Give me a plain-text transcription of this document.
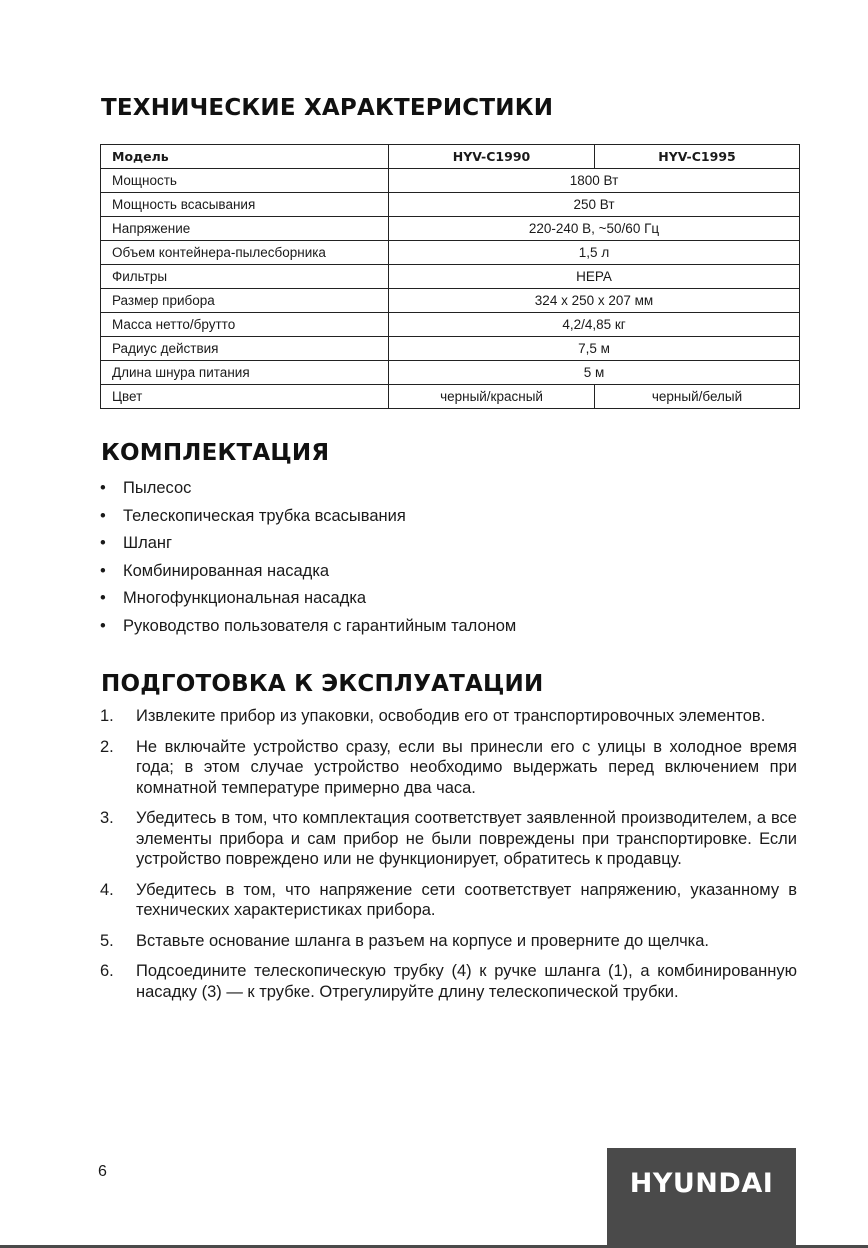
ТЕХНИЧЕСКИЕ ХАРАКТЕРИСТИКИ
Модель	HYV-C1990	HYV-C1995
Мощность	1800 Вт	
Мощность всасывания	250 Вт	
Напряжение	220-240 В, ~50/60 Гц	
Объем контейнера-пылесборника	1,5 л	
Фильтры	HEPA	
Размер прибора	324 x 250 x 207 мм	
Масса нетто/брутто	4,2/4,85 кг	
Радиус действия	7,5 м	
Длина шнура питания	5 м	
Цвет	черный/красный	черный/белый
КОМПЛЕКТАЦИЯ
• Пылесос
• Телескопическая трубка всасывания
• Шланг
• Комбинированная насадка
• Многофункциональная насадка
• Руководство пользователя с гарантийным талоном
ПОДГОТОВКА К ЭКСПЛУАТАЦИИ
1. Извлеките прибор из упаковки, освободив его от транспортировочных элементов.
2. Не включайте устройство сразу, если вы принесли его с улицы в холодное время года; в этом случае устройство необходимо выдержать перед включением при комнатной температуре примерно два часа.
3. Убедитесь в том, что комплектация соответствует заявленной производителем, а все элементы прибора и сам прибор не были повреждены при транспортировке. Если устройство повреждено или не функционирует, обратитесь к продавцу.
4. Убедитесь в том, что напряжение сети соответствует напряжению, указанному в технических характеристиках прибора.
5. Вставьте основание шланга в разъем на корпусе и проверните до щелчка.
6. Подсоедините телескопическую трубку (4) к ручке шланга (1), а комбинированную насадку (3) — к трубке. Отрегулируйте длину телескопической трубки.
6	HYUNDAI
